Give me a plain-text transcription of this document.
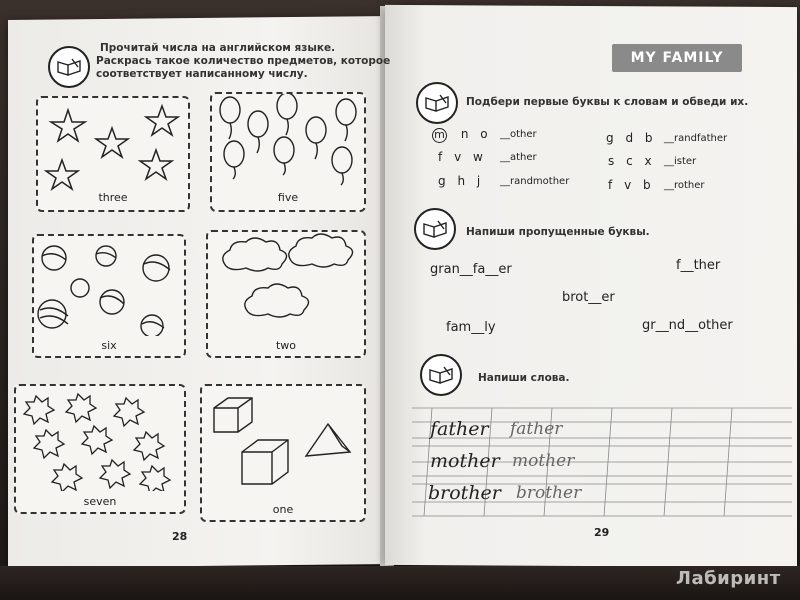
Прочитай числа на английском языке.
Раскрась такое количество предметов, которое
соответствует написанному числу.
three	five
six	two
seven
one
28
MY FAMILY
Подбери первые буквы к словам и обведи их.
m n o __other
f v w __ather
g h j __randmother
g d b __randfather
s c x __ister
f v b __rother
Напиши пропущенные буквы.
gran__fa__er	f__ther
brot__er
fam__ly	gr__nd__other
Напиши слова.
father father
mother mother
brother brother
29
Лабиринт
